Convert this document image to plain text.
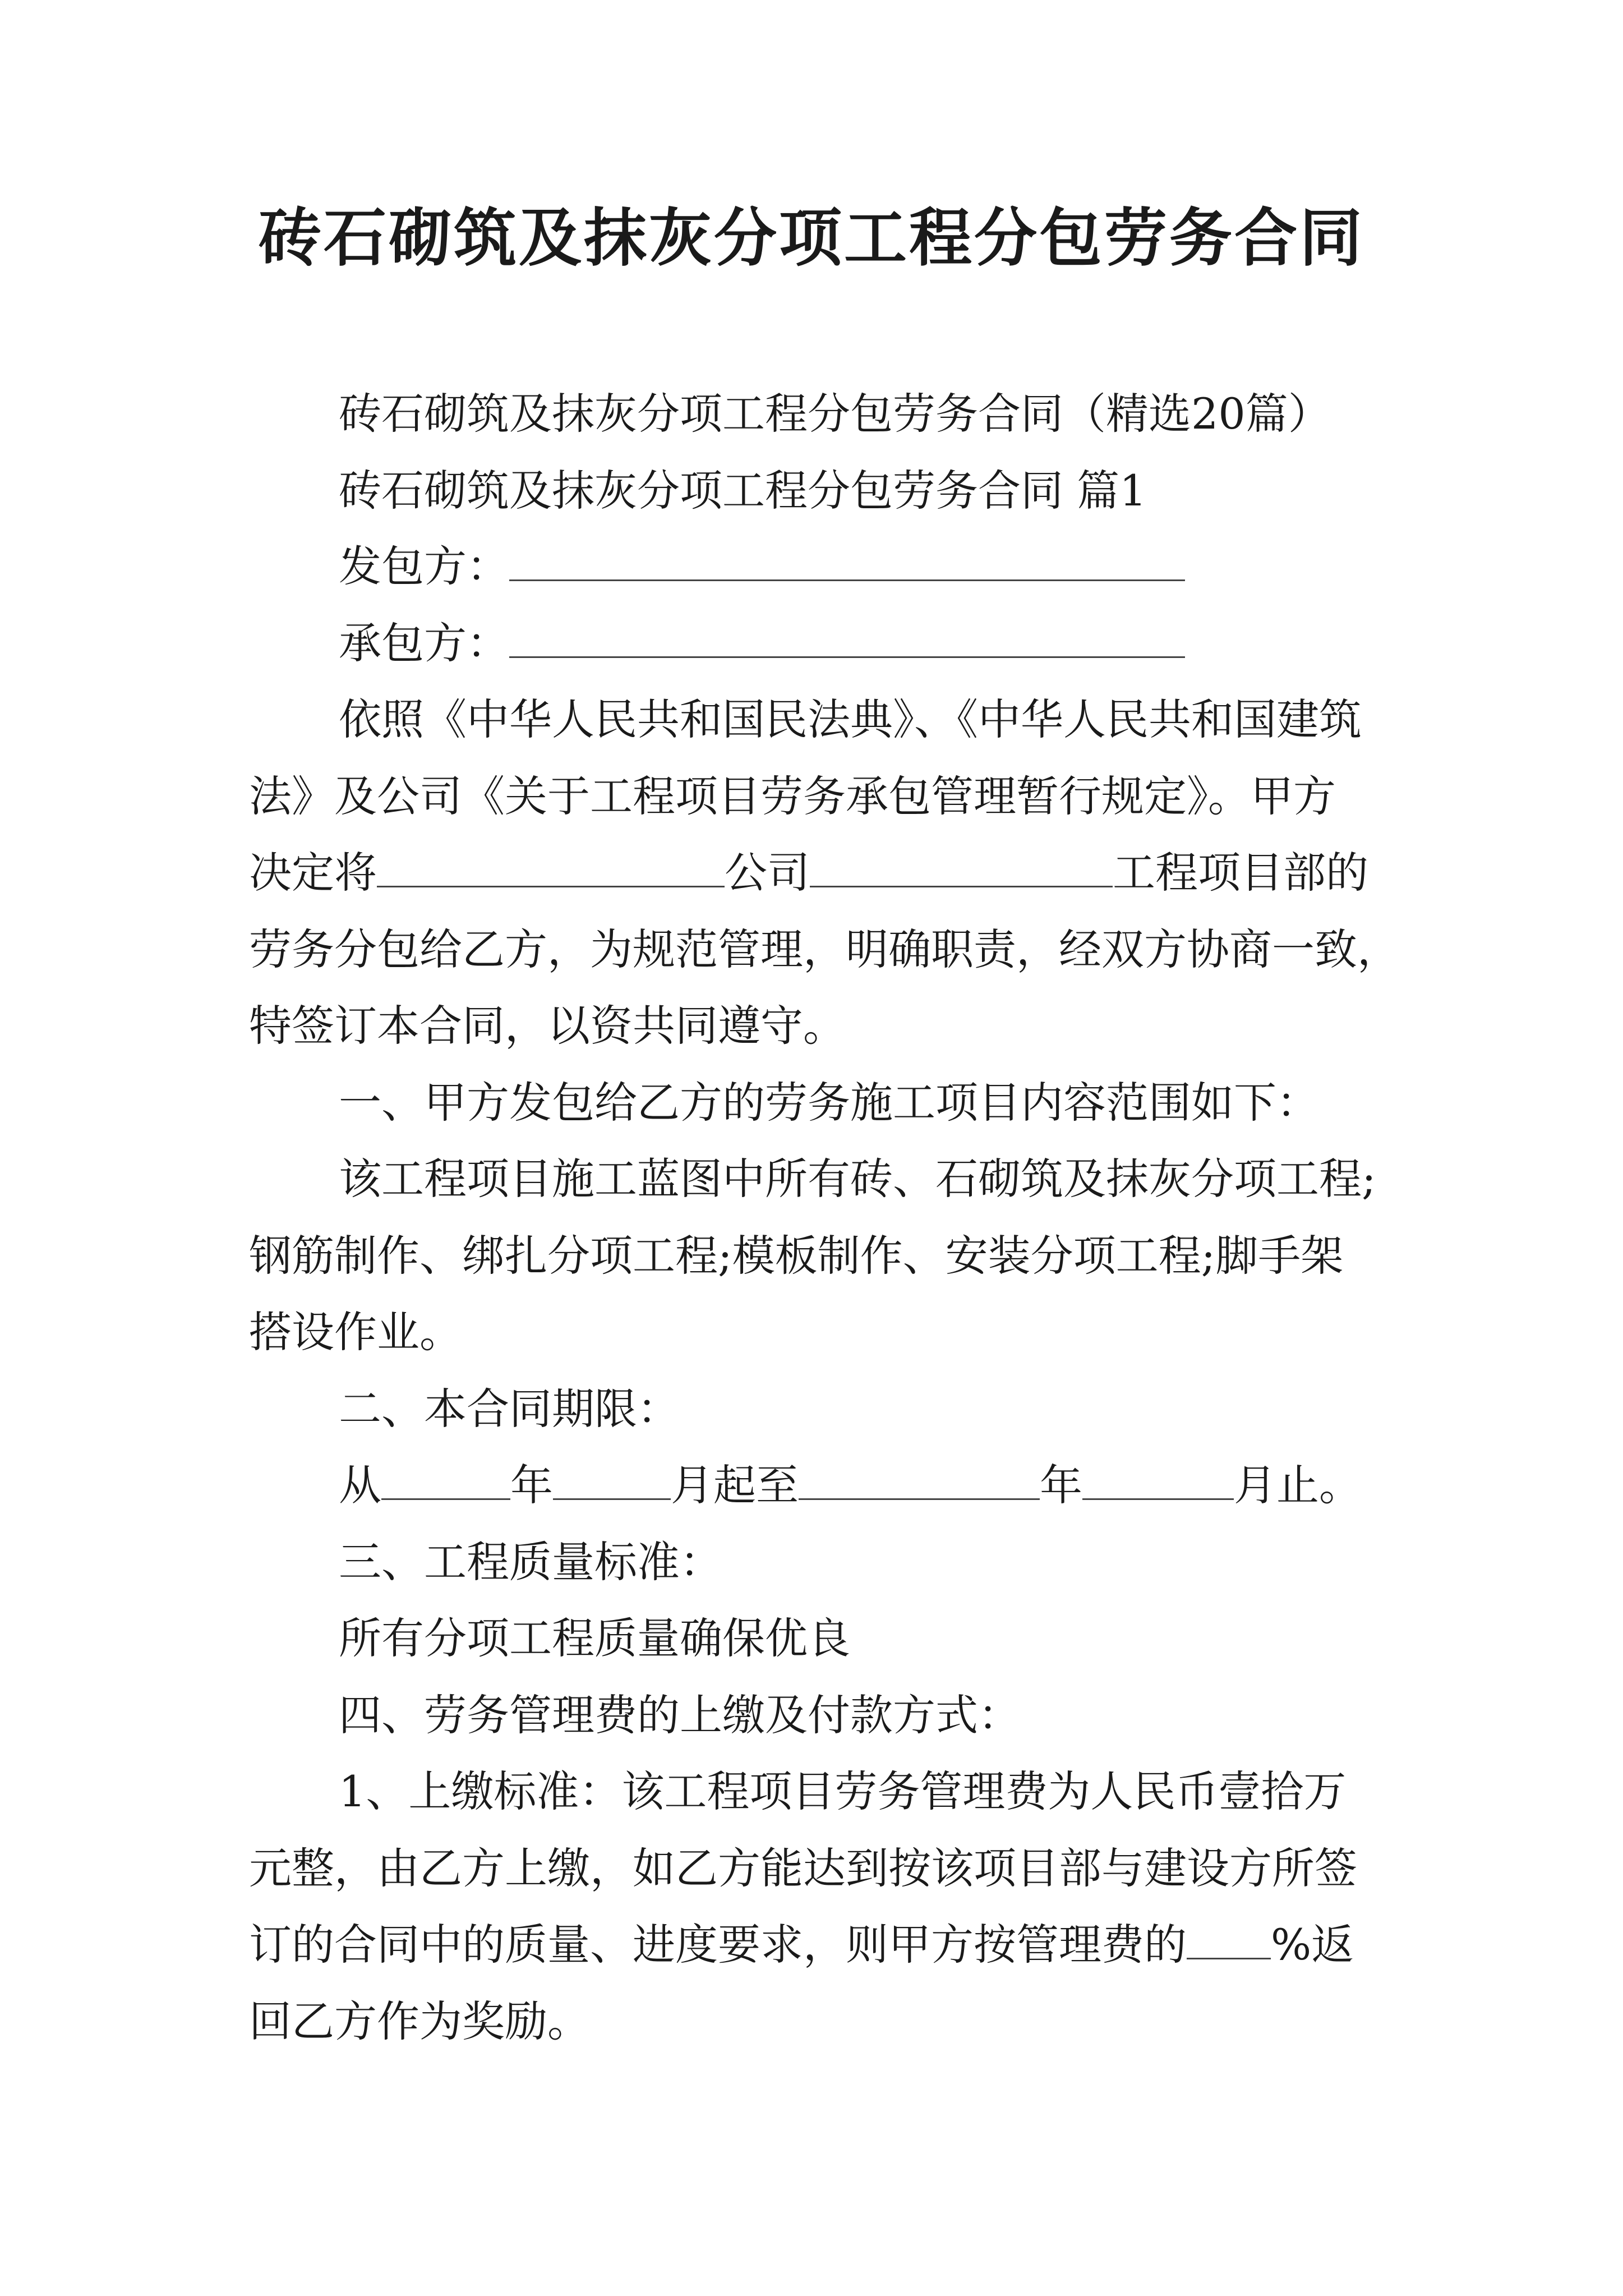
砖石砌筑及抹灰分项工程分包劳务合同
砖石砌筑及抹灰分项工程分包劳务合同（精选20篇）
砖石砌筑及抹灰分项工程分包劳务合同 篇1
发包方：
承包方：
依照《中华人民共和国民法典》、《中华人民共和国建筑
法》及公司《关于工程项目劳务承包管理暂行规定》。甲方
决定将	公司	工程项目部的
劳务分包给乙方，为规范管理，明确职责，经双方协商一致，
特签订本合同，以资共同遵守。
一、甲方发包给乙方的劳务施工项目内容范围如下：
该工程项目施工蓝图中所有砖、石砌筑及抹灰分项工程;
钢筋制作、绑扎分项工程;模板制作、安装分项工程;脚手架
搭设作业。
二、本合同期限：
从	年	月起至	年	月止。
三、工程质量标准：
所有分项工程质量确保优良
四、劳务管理费的上缴及付款方式：
1、上缴标准：该工程项目劳务管理费为人民币壹拾万
元整，由乙方上缴，如乙方能达到按该项目部与建设方所签
订的合同中的质量、进度要求，则甲方按管理费的 %返
回乙方作为奖励。
